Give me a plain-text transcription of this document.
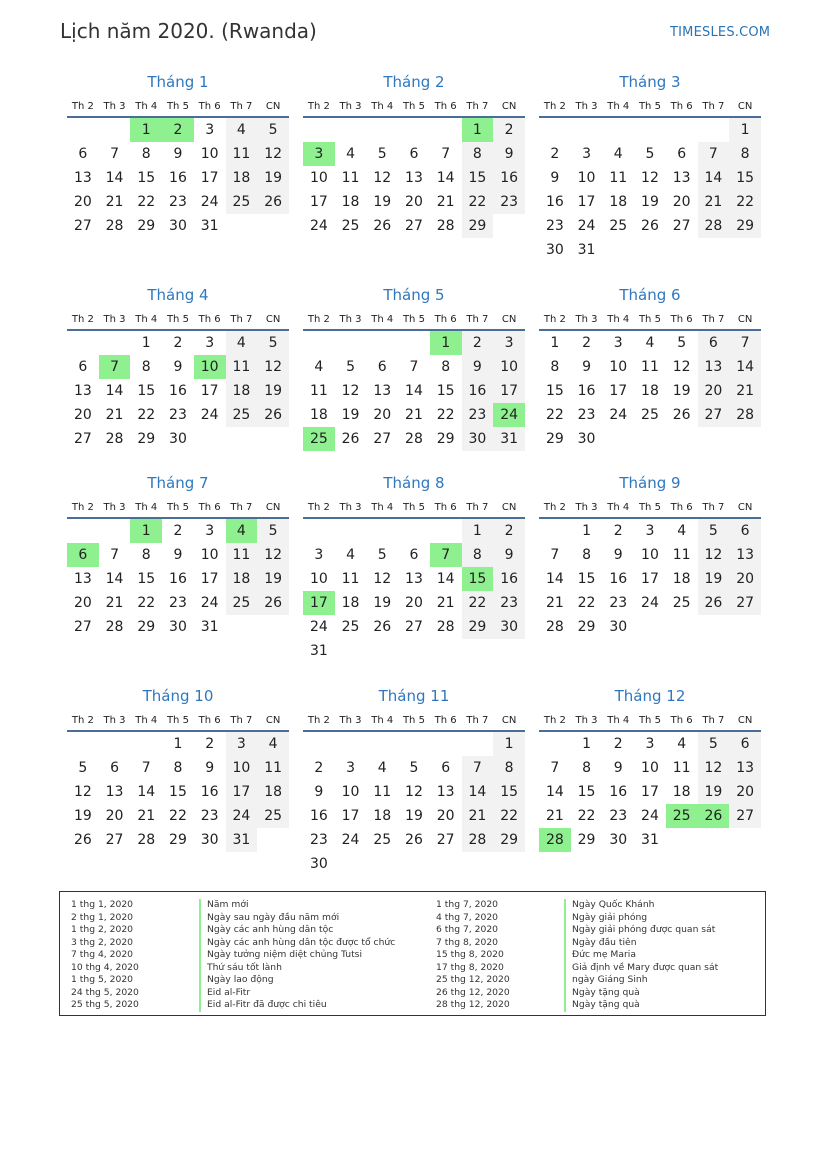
Lịch năm 2020. (Rwanda)	TIMESLES.COM
Tháng 1
Th 2	Th 3	Th 4	Th 5	Th 6	Th 7	CN
		1	2	3	4	5
6	7	8	9	10	11	12
13	14	15	16	17	18	19
20	21	22	23	24	25	26
27	28	29	30	31		
Tháng 2
Th 2	Th 3	Th 4	Th 5	Th 6	Th 7	CN
					1	2
3	4	5	6	7	8	9
10	11	12	13	14	15	16
17	18	19	20	21	22	23
24	25	26	27	28	29	
Tháng 3
Th 2	Th 3	Th 4	Th 5	Th 6	Th 7	CN
						1
2	3	4	5	6	7	8
9	10	11	12	13	14	15
16	17	18	19	20	21	22
23	24	25	26	27	28	29
30	31					
Tháng 4
Th 2	Th 3	Th 4	Th 5	Th 6	Th 7	CN
		1	2	3	4	5
6	7	8	9	10	11	12
13	14	15	16	17	18	19
20	21	22	23	24	25	26
27	28	29	30			
Tháng 5
Th 2	Th 3	Th 4	Th 5	Th 6	Th 7	CN
				1	2	3
4	5	6	7	8	9	10
11	12	13	14	15	16	17
18	19	20	21	22	23	24
25	26	27	28	29	30	31
Tháng 6
Th 2	Th 3	Th 4	Th 5	Th 6	Th 7	CN
1	2	3	4	5	6	7
8	9	10	11	12	13	14
15	16	17	18	19	20	21
22	23	24	25	26	27	28
29	30					
Tháng 7
Th 2	Th 3	Th 4	Th 5	Th 6	Th 7	CN
		1	2	3	4	5
6	7	8	9	10	11	12
13	14	15	16	17	18	19
20	21	22	23	24	25	26
27	28	29	30	31		
Tháng 8
Th 2	Th 3	Th 4	Th 5	Th 6	Th 7	CN
					1	2
3	4	5	6	7	8	9
10	11	12	13	14	15	16
17	18	19	20	21	22	23
24	25	26	27	28	29	30
31						
Tháng 9
Th 2	Th 3	Th 4	Th 5	Th 6	Th 7	CN
	1	2	3	4	5	6
7	8	9	10	11	12	13
14	15	16	17	18	19	20
21	22	23	24	25	26	27
28	29	30				
Tháng 10
Th 2	Th 3	Th 4	Th 5	Th 6	Th 7	CN
			1	2	3	4
5	6	7	8	9	10	11
12	13	14	15	16	17	18
19	20	21	22	23	24	25
26	27	28	29	30	31	
Tháng 11
Th 2	Th 3	Th 4	Th 5	Th 6	Th 7	CN
						1
2	3	4	5	6	7	8
9	10	11	12	13	14	15
16	17	18	19	20	21	22
23	24	25	26	27	28	29
30						
Tháng 12
Th 2	Th 3	Th 4	Th 5	Th 6	Th 7	CN
	1	2	3	4	5	6
7	8	9	10	11	12	13
14	15	16	17	18	19	20
21	22	23	24	25	26	27
28	29	30	31			
1 thg 1, 2020	Năm mới
2 thg 1, 2020	Ngày sau ngày đầu năm mới
1 thg 2, 2020	Ngày các anh hùng dân tộc
3 thg 2, 2020	Ngày các anh hùng dân tộc được tổ chức
7 thg 4, 2020	Ngày tưởng niệm diệt chủng Tutsi
10 thg 4, 2020	Thứ sáu tốt lành
1 thg 5, 2020	Ngày lao động
24 thg 5, 2020	Eid al-Fitr
25 thg 5, 2020	Eid al-Fitr đã được chi tiêu
1 thg 7, 2020	Ngày Quốc Khánh
4 thg 7, 2020	Ngày giải phóng
6 thg 7, 2020	Ngày giải phóng được quan sát
7 thg 8, 2020	Ngày đầu tiên
15 thg 8, 2020	Đức mẹ Maria
17 thg 8, 2020	Giả định về Mary được quan sát
25 thg 12, 2020	ngày Giáng Sinh
26 thg 12, 2020	Ngày tặng quà
28 thg 12, 2020	Ngày tặng quà
